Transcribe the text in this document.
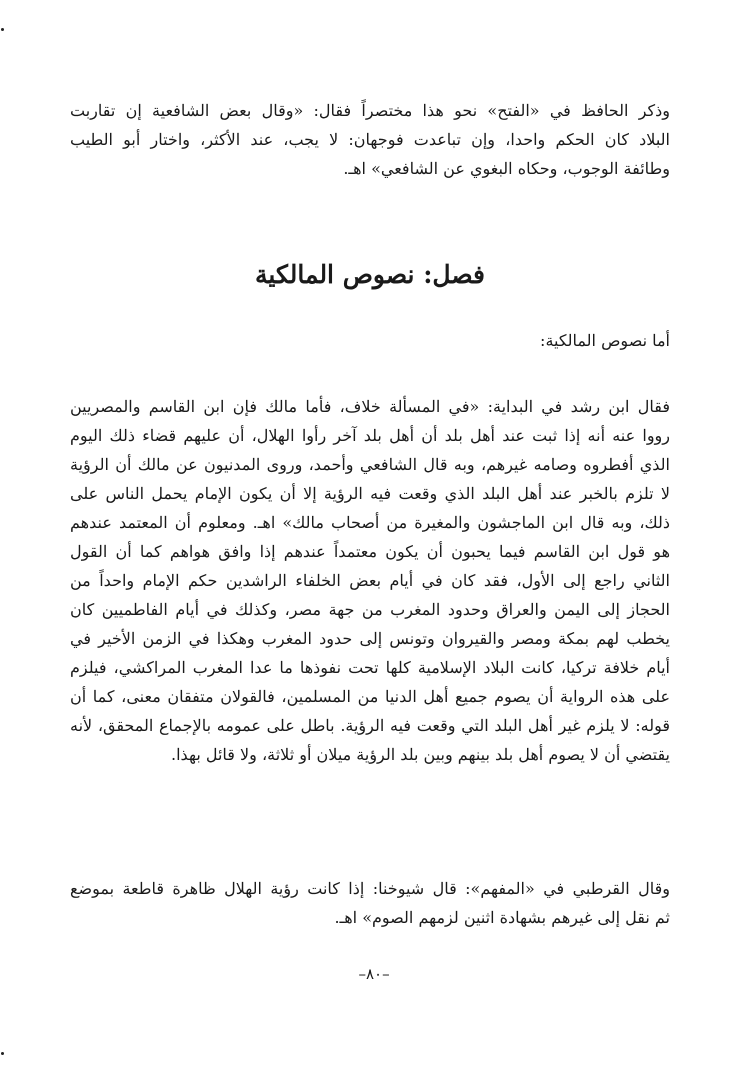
وذكر الحافظ في «الفتح» نحو هذا مختصراً فقال: «وقال بعض الشافعية إن تقاربت
البلاد كان الحكم واحدا، وإن تباعدت فوجهان: لا يجب، عند الأكثر، واختار أبو الطيب
وطائفة الوجوب، وحكاه البغوي عن الشافعي» اهـ.
فصل: نصوص المالكية
أما نصوص المالكية:
فقال ابن رشد في البداية: «في المسألة خلاف، فأما مالك فإن ابن القاسم والمصريين
رووا عنه أنه إذا ثبت عند أهل بلد أن أهل بلد آخر رأوا الهلال، أن عليهم قضاء ذلك اليوم
الذي أفطروه وصامه غيرهم، وبه قال الشافعي وأحمد، وروى المدنيون عن مالك أن الرؤية
لا تلزم بالخبر عند أهل البلد الذي وقعت فيه الرؤية إلا أن يكون الإمام يحمل الناس على
ذلك، وبه قال ابن الماجشون والمغيرة من أصحاب مالك» اهـ. ومعلوم أن المعتمد عندهم
هو قول ابن القاسم فيما يحبون أن يكون معتمداً عندهم إذا وافق هواهم كما أن القول
الثاني راجع إلى الأول، فقد كان في أيام بعض الخلفاء الراشدين حكم الإمام واحداً من
الحجاز إلى اليمن والعراق وحدود المغرب من جهة مصر، وكذلك في أيام الفاطميين كان
يخطب لهم بمكة ومصر والقيروان وتونس إلى حدود المغرب وهكذا في الزمن الأخير في
أيام خلافة تركيا، كانت البلاد الإسلامية كلها تحت نفوذها ما عدا المغرب المراكشي، فيلزم
على هذه الرواية أن يصوم جميع أهل الدنيا من المسلمين، فالقولان متفقان معنى، كما أن
قوله: لا يلزم غير أهل البلد التي وقعت فيه الرؤية. باطل على عمومه بالإجماع المحقق، لأنه
يقتضي أن لا يصوم أهل بلد بينهم وبين بلد الرؤية ميلان أو ثلاثة، ولا قائل بهذا.
وقال القرطبي في «المفهم»: قال شيوخنا: إذا كانت رؤية الهلال ظاهرة قاطعة بموضع
ثم نقل إلى غيرهم بشهادة اثنين لزمهم الصوم» اهـ.
–٨٠–
